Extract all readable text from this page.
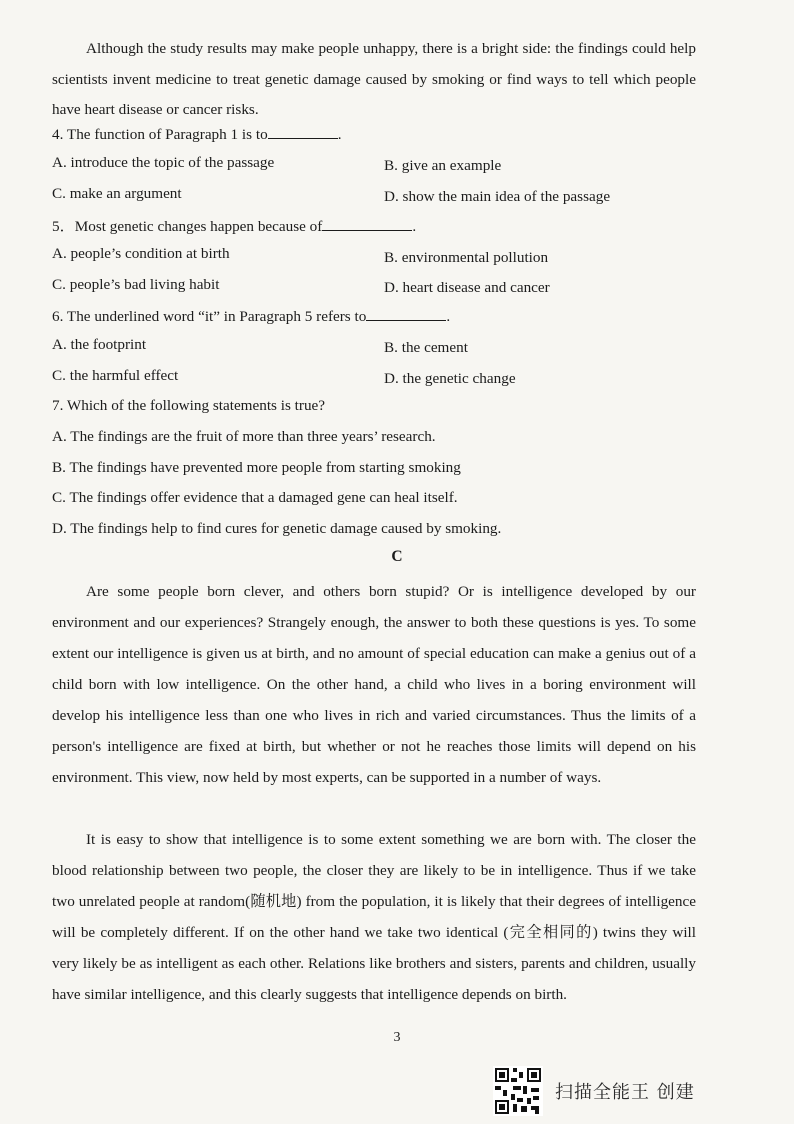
Although the study results may make people unhappy, there is a bright side: the findings could help scientists invent medicine to treat genetic damage caused by smoking or find ways to tell which people have heart disease or cancer risks.

4. The function of Paragraph 1 is to	.
A. introduce the topic of the passage	B. give an example
C. make an argument	D. show the main idea of the passage
5．Most genetic changes happen because of	.
A. people’s condition at birth	B. environmental pollution
C. people’s bad living habit	D. heart disease and cancer
6. The underlined word “it” in Paragraph 5 refers to	.
A. the footprint	B. the cement
C. the harmful effect	D. the genetic change
7. Which of the following statements is true?
A. The findings are the fruit of more than three years’ research.
B. The findings have prevented more people from starting smoking
C. The findings offer evidence that a damaged gene can heal itself.
D. The findings help to find cures for genetic damage caused by smoking.
C

Are some people born clever, and others born stupid? Or is intelligence developed by our environment and our experiences? Strangely enough, the answer to both these questions is yes. To some extent our intelligence is given us at birth, and no amount of special education can make a genius out of a child born with low intelligence. On the other hand, a child who lives in a boring environment will develop his intelligence less than one who lives in rich and varied circumstances. Thus the limits of a person's intelligence are fixed at birth, but whether or not he reaches those limits will depend on his environment. This view, now held by most experts, can be supported in a number of ways.

It is easy to show that intelligence is to some extent something we are born with. The closer the blood relationship between two people, the closer they are likely to be in intelligence. Thus if we take two unrelated people at random(随机地) from the population, it is likely that their degrees of intelligence will be completely different. If on the other hand we take two identical (完全相同的) twins they will very likely be as intelligent as each other. Relations like brothers and sisters, parents and children, usually have similar intelligence, and this clearly suggests that intelligence depends on birth.

3
扫描全能王 创建
